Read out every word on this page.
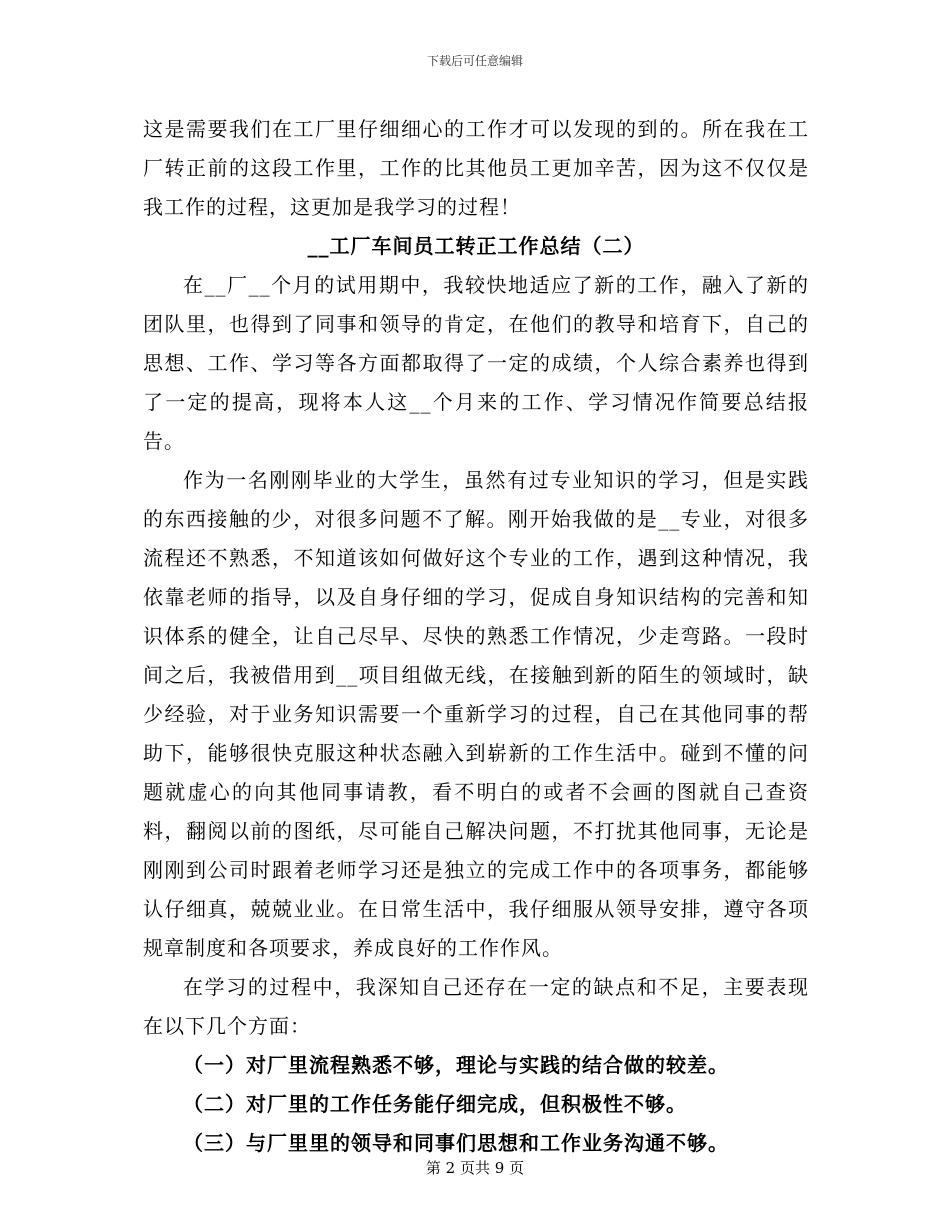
下载后可任意编辑

这是需要我们在工厂里仔细细心的工作才可以发现的到的。所在我在工厂转正前的这段工作里，工作的比其他员工更加辛苦，因为这不仅仅是我工作的过程，这更加是我学习的过程！

__工厂车间员工转正工作总结（二）

在__厂__个月的试用期中，我较快地适应了新的工作，融入了新的团队里，也得到了同事和领导的肯定，在他们的教导和培育下，自己的思想、工作、学习等各方面都取得了一定的成绩，个人综合素养也得到了一定的提高，现将本人这__个月来的工作、学习情况作简要总结报告。

作为一名刚刚毕业的大学生，虽然有过专业知识的学习，但是实践的东西接触的少，对很多问题不了解。刚开始我做的是__专业，对很多流程还不熟悉，不知道该如何做好这个专业的工作，遇到这种情况，我依靠老师的指导，以及自身仔细的学习，促成自身知识结构的完善和知识体系的健全，让自己尽早、尽快的熟悉工作情况，少走弯路。一段时间之后，我被借用到__项目组做无线，在接触到新的陌生的领域时，缺少经验，对于业务知识需要一个重新学习的过程，自己在其他同事的帮助下，能够很快克服这种状态融入到崭新的工作生活中。碰到不懂的问题就虚心的向其他同事请教，看不明白的或者不会画的图就自己查资料，翻阅以前的图纸，尽可能自己解决问题，不打扰其他同事，无论是刚刚到公司时跟着老师学习还是独立的完成工作中的各项事务，都能够认仔细真，兢兢业业。在日常生活中，我仔细服从领导安排，遵守各项规章制度和各项要求，养成良好的工作作风。

在学习的过程中，我深知自己还存在一定的缺点和不足，主要表现在以下几个方面：

（一）对厂里流程熟悉不够，理论与实践的结合做的较差。

（二）对厂里的工作任务能仔细完成，但积极性不够。

（三）与厂里里的领导和同事们思想和工作业务沟通不够。

第 2 页共 9 页
